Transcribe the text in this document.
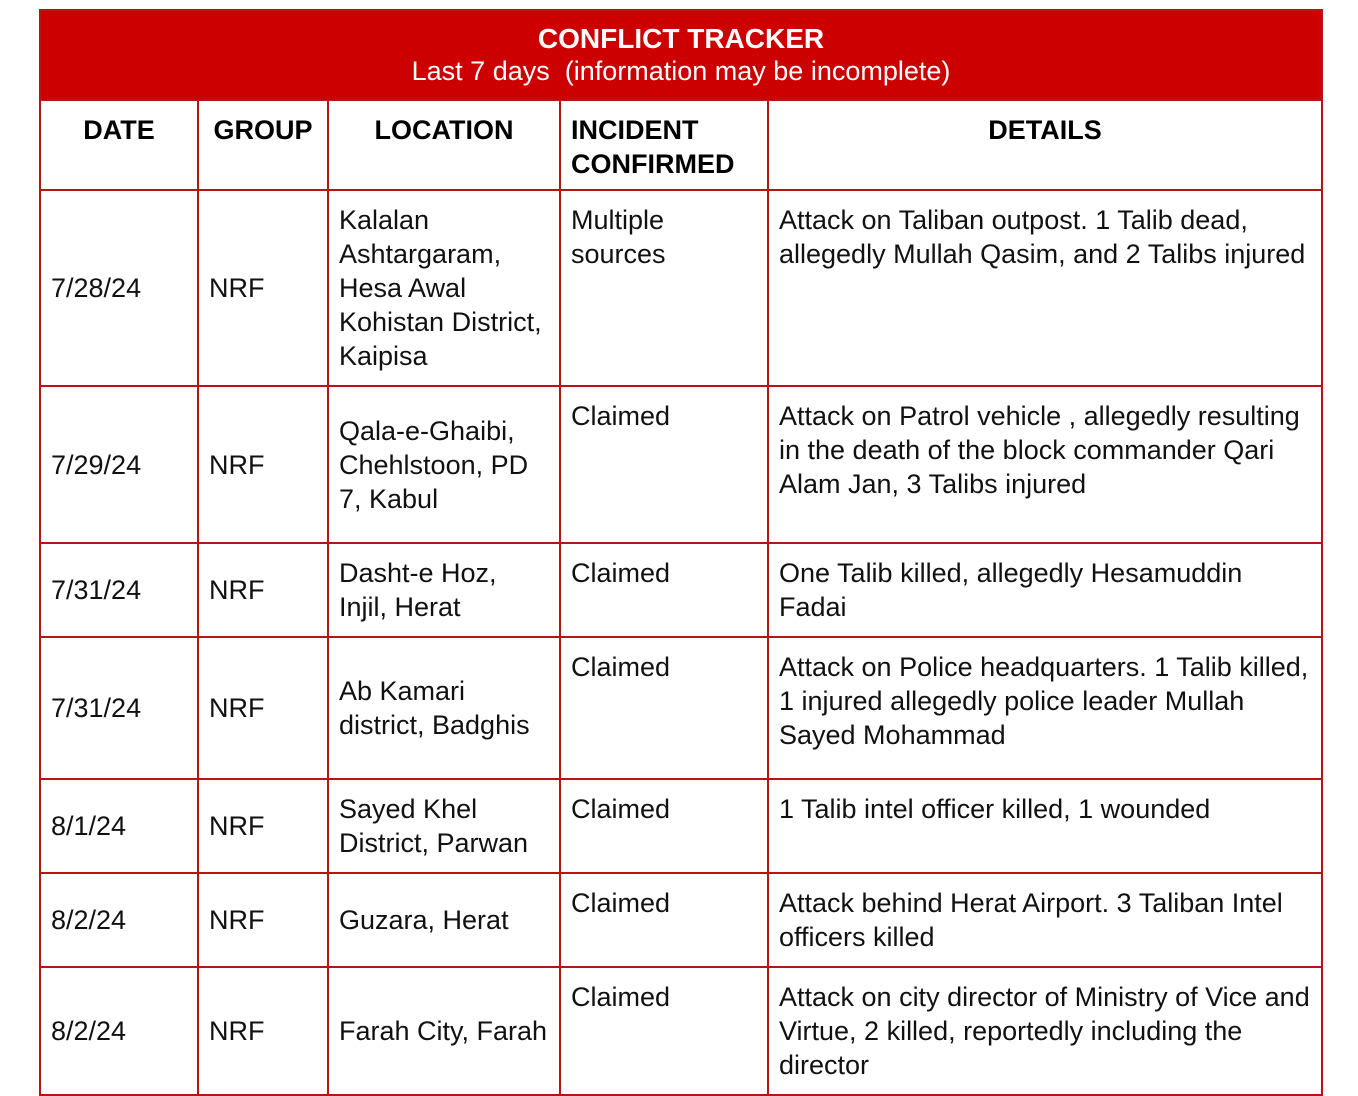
CONFLICT TRACKER
Last 7 days  (information may be incomplete)				

DATE	GROUP	LOCATION	INCIDENT CONFIRMED	DETAILS
7/28/24	NRF	Kalalan Ashtargaram, Hesa Awal Kohistan District, Kaipisa	Multiple sources	Attack on Taliban outpost. 1 Talib dead, allegedly Mullah Qasim, and 2 Talibs injured
7/29/24	NRF	Qala-e-Ghaibi, Chehlstoon, PD 7, Kabul	Claimed	Attack on Patrol vehicle , allegedly resulting in the death of the block commander Qari Alam Jan, 3 Talibs injured
7/31/24	NRF	Dasht-e Hoz, Injil, Herat	Claimed	One Talib killed, allegedly Hesamuddin Fadai
7/31/24	NRF	Ab Kamari district, Badghis	Claimed	Attack on Police headquarters. 1 Talib killed, 1 injured allegedly police leader Mullah Sayed Mohammad
8/1/24	NRF	Sayed Khel District, Parwan	Claimed	1 Talib intel officer killed, 1 wounded
8/2/24	NRF	Guzara, Herat	Claimed	Attack behind Herat Airport. 3 Taliban Intel officers killed
8/2/24	NRF	Farah City, Farah	Claimed	Attack on city director of Ministry of Vice and Virtue, 2 killed, reportedly including the director
